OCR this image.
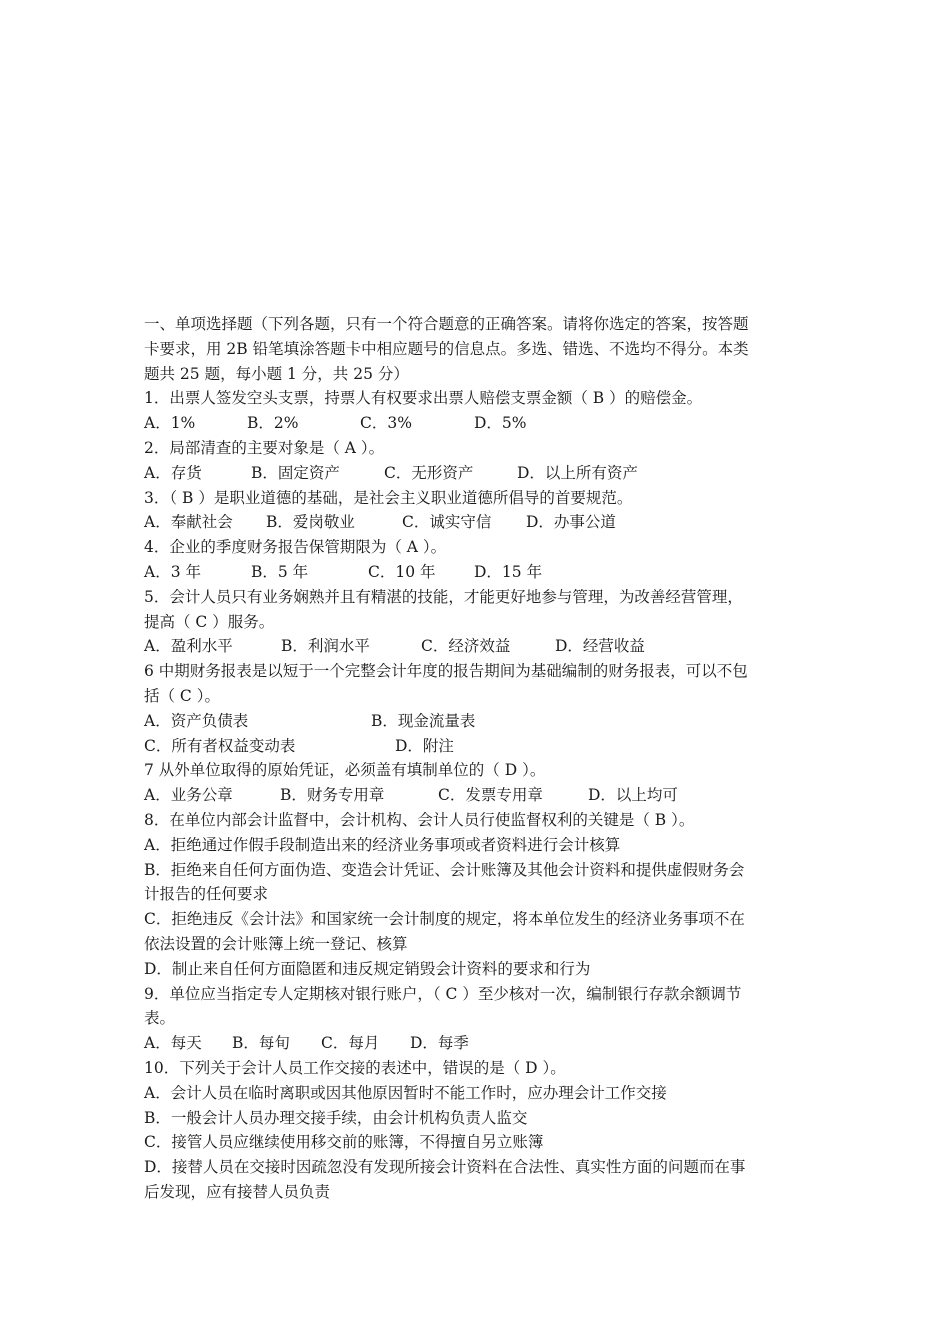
一、单项选择题（下列各题，只有一个符合题意的正确答案。请将你选定的答案，按答题
卡要求，用 2B 铅笔填涂答题卡中相应题号的信息点。多选、错选、不选均不得分。本类
题共 25 题，每小题 1 分，共 25 分）
1．出票人签发空头支票，持票人有权要求出票人赔偿支票金额（ B ）的赔偿金。
A．1%	B．2%	C．3%	D．5%
2．局部清查的主要对象是（ A ）。
A．存货	B．固定资产	C．无形资产	D．以上所有资产
3．（ B ）是职业道德的基础，是社会主义职业道德所倡导的首要规范。
A．奉献社会	B．爱岗敬业	C．诚实守信	D．办事公道
4．企业的季度财务报告保管期限为（ A ）。
A．3 年	B．5 年	C．10 年	D．15 年
5．会计人员只有业务娴熟并且有精湛的技能，才能更好地参与管理，为改善经营管理，
提高（ C ）服务。
A．盈利水平	B．利润水平	C．经济效益	D．经营收益
6 中期财务报表是以短于一个完整会计年度的报告期间为基础编制的财务报表，可以不包
括（ C ）。
A．资产负债表	B．现金流量表
C．所有者权益变动表	D．附注
7 从外单位取得的原始凭证，必须盖有填制单位的（ D ）。
A．业务公章	B．财务专用章	C．发票专用章	D．以上均可
8．在单位内部会计监督中，会计机构、会计人员行使监督权利的关键是（ B ）。
A．拒绝通过作假手段制造出来的经济业务事项或者资料进行会计核算
B．拒绝来自任何方面伪造、变造会计凭证、会计账簿及其他会计资料和提供虚假财务会
计报告的任何要求
C．拒绝违反《会计法》和国家统一会计制度的规定，将本单位发生的经济业务事项不在
依法设置的会计账簿上统一登记、核算
D．制止来自任何方面隐匿和违反规定销毁会计资料的要求和行为
9．单位应当指定专人定期核对银行账户，（ C ）至少核对一次，编制银行存款余额调节
表。
A．每天	B．每旬	C．每月	D．每季
10．下列关于会计人员工作交接的表述中，错误的是（ D ）。
A．会计人员在临时离职或因其他原因暂时不能工作时，应办理会计工作交接
B．一般会计人员办理交接手续，由会计机构负责人监交
C．接管人员应继续使用移交前的账簿，不得擅自另立账簿
D．接替人员在交接时因疏忽没有发现所接会计资料在合法性、真实性方面的问题而在事
后发现，应有接替人员负责
